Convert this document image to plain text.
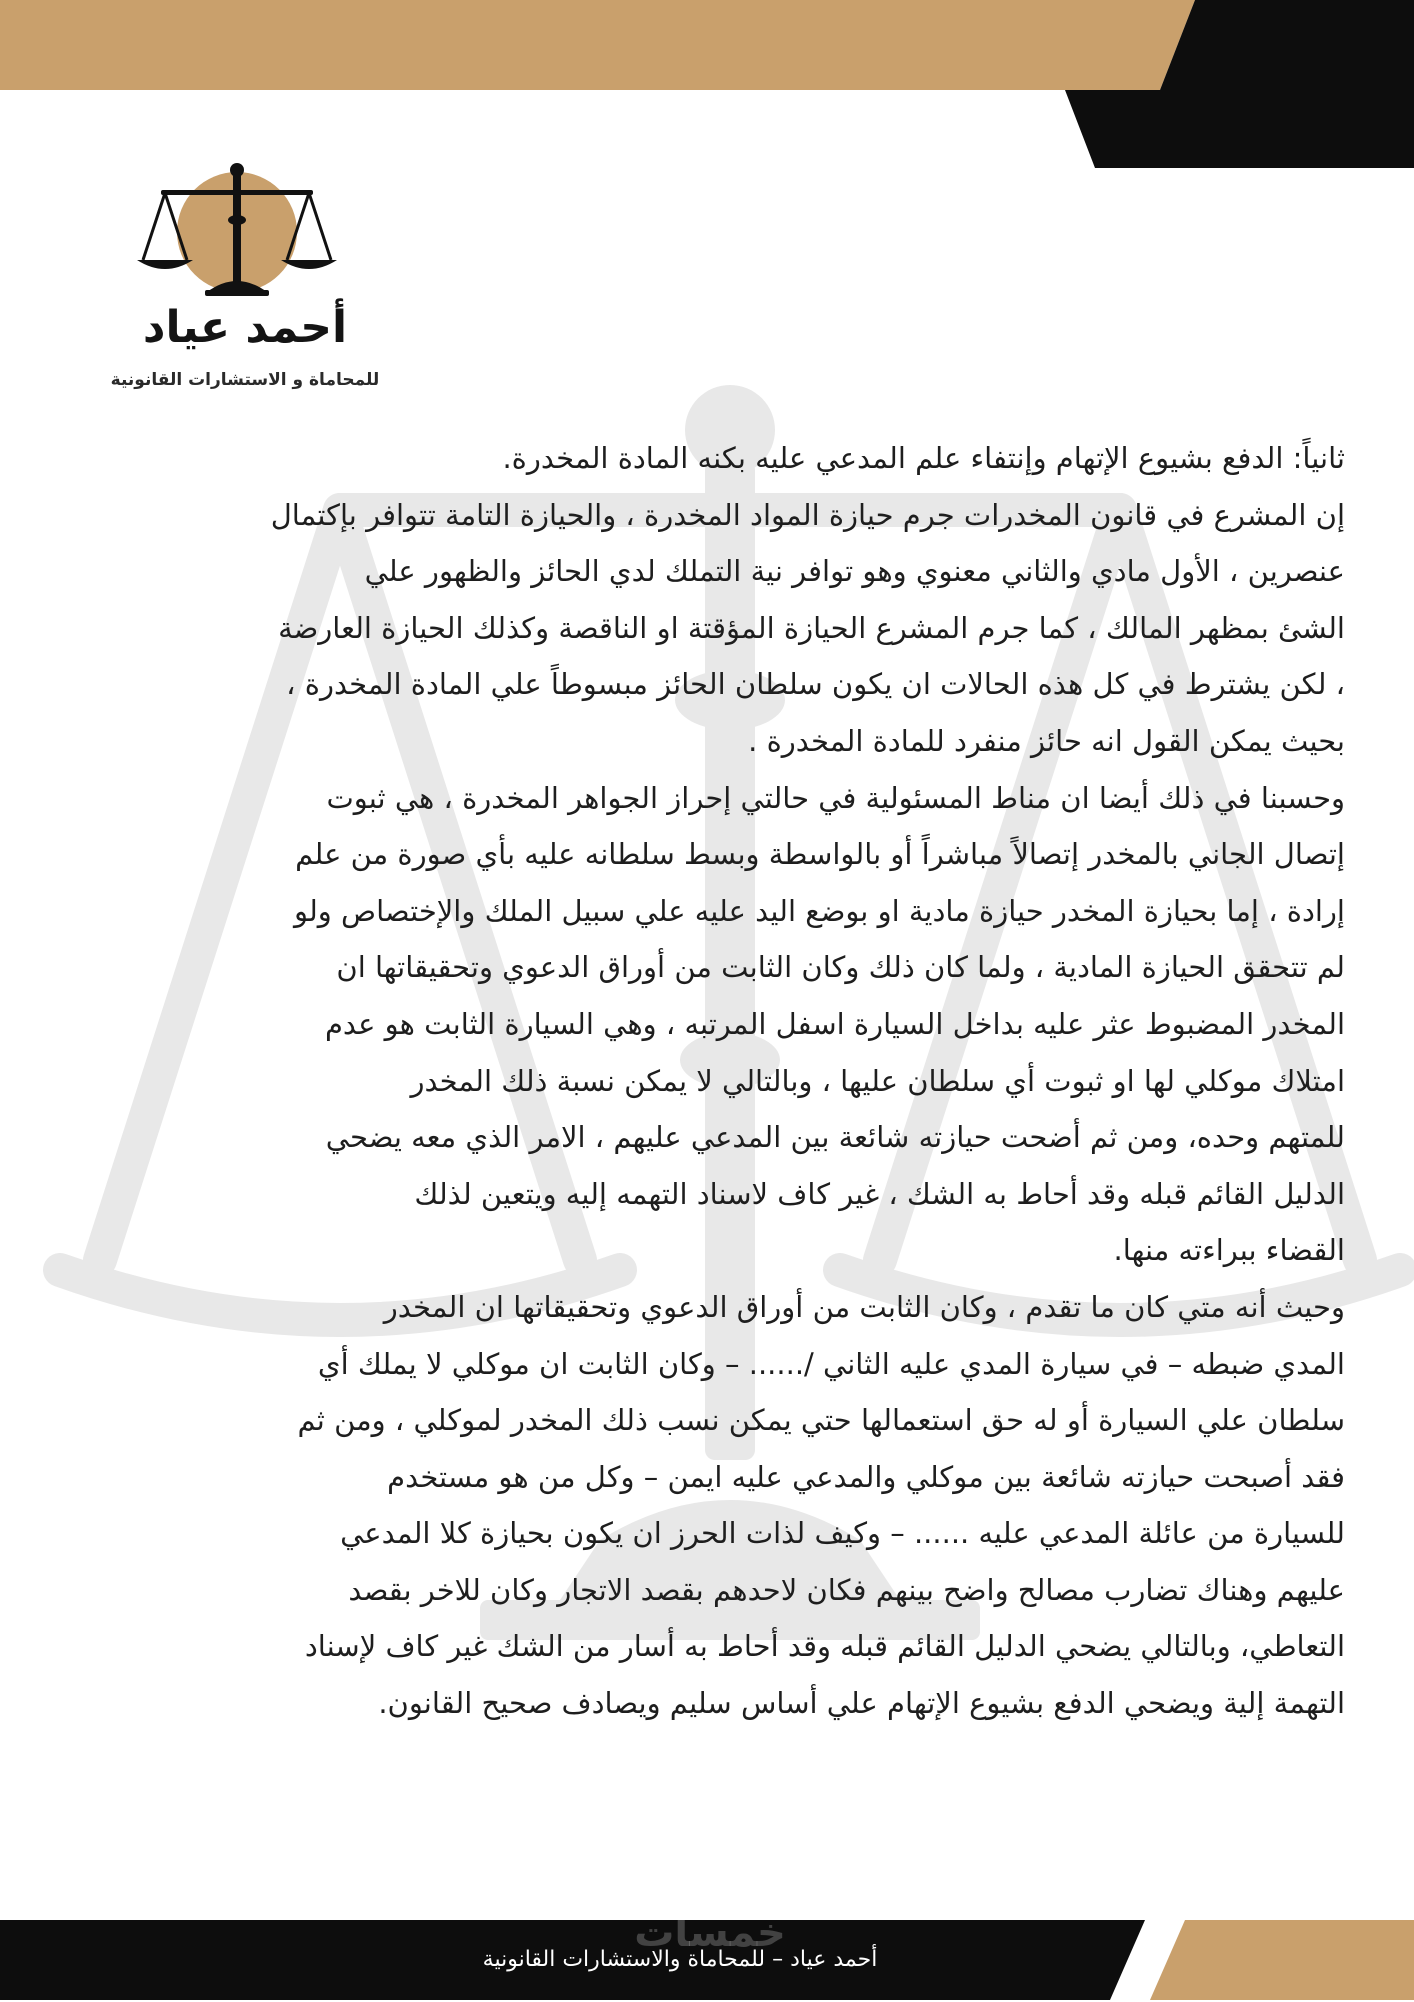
أحمد عياد
للمحاماة و الاستشارات القانونية
ثانياً: الدفع بشيوع الإتهام وإنتفاء علم المدعي عليه بكنه المادة المخدرة.
إن المشرع في قانون المخدرات جرم حيازة المواد المخدرة ، والحيازة التامة تتوافر بإكتمال
عنصرين ، الأول مادي والثاني معنوي وهو توافر نية التملك لدي الحائز والظهور علي
الشئ بمظهر المالك ، كما جرم المشرع الحيازة المؤقتة او الناقصة وكذلك الحيازة العارضة
، لكن يشترط في كل هذه الحالات ان يكون سلطان الحائز مبسوطاً علي المادة المخدرة ،
بحيث يمكن القول انه حائز منفرد للمادة المخدرة .
وحسبنا في ذلك أيضا ان مناط المسئولية في حالتي إحراز الجواهر المخدرة ، هي ثبوت
إتصال الجاني بالمخدر إتصالاً مباشراً أو بالواسطة وبسط سلطانه عليه بأي صورة من علم
إرادة ، إما بحيازة المخدر حيازة مادية او بوضع اليد عليه علي سبيل الملك والإختصاص ولو
لم تتحقق الحيازة المادية ، ولما كان ذلك وكان الثابت من أوراق الدعوي وتحقيقاتها ان
المخدر المضبوط عثر عليه بداخل السيارة اسفل المرتبه ، وهي السيارة الثابت هو عدم
امتلاك موكلي لها او ثبوت أي سلطان عليها ، وبالتالي لا يمكن نسبة ذلك المخدر
للمتهم وحده، ومن ثم أضحت حيازته شائعة بين المدعي عليهم ، الامر الذي معه يضحي
الدليل القائم قبله وقد أحاط به الشك ، غير كاف لاسناد التهمه إليه ويتعين لذلك
القضاء ببراءته منها.
وحيث أنه متي كان ما تقدم ، وكان الثابت من أوراق الدعوي وتحقيقاتها ان المخدر
المدي ضبطه – في سيارة المدي عليه الثاني /...... – وكان الثابت ان موكلي لا يملك أي
سلطان علي السيارة أو له حق استعمالها حتي يمكن نسب ذلك المخدر لموكلي ، ومن ثم
فقد أصبحت حيازته شائعة بين موكلي والمدعي عليه ايمن – وكل من هو مستخدم
للسيارة من عائلة المدعي عليه ...... – وكيف لذات الحرز ان يكون بحيازة كلا المدعي
عليهم وهناك تضارب مصالح واضح بينهم فكان لاحدهم بقصد الاتجار وكان للاخر بقصد
التعاطي، وبالتالي يضحي الدليل القائم قبله وقد أحاط به أسار من الشك غير كاف لإسناد
التهمة إلية ويضحي الدفع بشيوع الإتهام علي أساس سليم ويصادف صحيح القانون.
خمسات
أحمد عياد – للمحاماة والاستشارات القانونية
